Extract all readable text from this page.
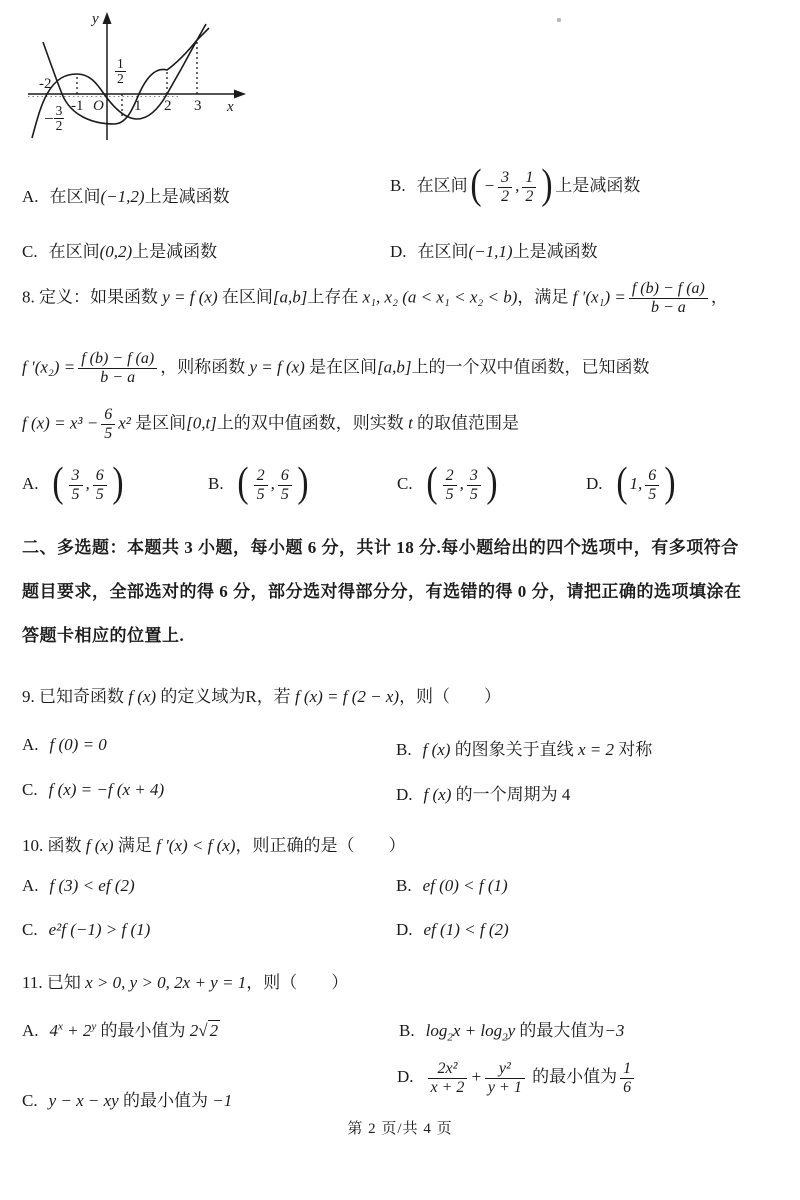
y
x
O
-2
-1	1 2 3
− $\frac{3}{2}$
$\frac{1}{2}$
A. 在区间(−1,2)上是减函数
B. 在区间( − $\frac{3}{2}$ , $\frac{1}{2}$ ) 上是减函数
C. 在区间(0,2)上是减函数	D. 在区间(−1,1)上是减函数
8. 定义：如果函数 y = f (x) 在区间[a,b]上存在 x₁, x₂ (a < x₁ < x₂ < b)，满足 f $'(x_1) = \frac{f (b) - f (a)}{b - a}$ ，
f $'(x_2) = \frac{f (b) - f (a)}{b - a}$ ，则称函数 y = f (x) 是在区间[a,b]上的一个双中值函数，已知函数
f $(x) = x^3 - \frac{6}{5} x^2$ 是区间[0,t]上的双中值函数，则实数 t 的取值范围是
A. ( $\frac{3}{5}$ , $\frac{6}{5}$ )	B. ( $\frac{2}{5}$ , $\frac{6}{5}$ )	C. ( $\frac{2}{5}$ , $\frac{3}{5}$ )	D. ( 1, $\frac{6}{5}$ )
二、多选题：本题共 3 小题，每小题 6 分，共计 18 分.每小题给出的四个选项中，有多项符合
题目要求，全部选对的得 6 分，部分选对得部分分，有选错的得 0 分，请把正确的选项填涂在
答题卡相应的位置上.
9. 已知奇函数 f (x) 的定义域为R，若 f (x) = f (2 − x)，则（　　）
A. f (0) = 0	B. f (x) 的图象关于直线 x = 2 对称
C. f (x) = −f (x + 4)	D. f (x) 的一个周期为 4
10. 函数 f (x) 满足 f ′(x) < f (x)，则正确的是（　　）
A. f (3) < ef (2)	B. ef (0) < f (1)
C. e²f (−1) > f (1)	D. ef (1) < f (2)
11. 已知 x > 0, y > 0, 2x + y = 1，则（　　）
A. $4^x + 2^y$ 的最小值为 2√ 2	B. $\log_2x + \log_2y$ 的最大值为−3
C. y − x − xy 的最小值为 −1
D. $\frac{\text{2x²}}{x + 2} + \frac{\text{y²}}{y + 1}$ 的最小值为 $\frac{1}{6}$
第 2 页/共 4 页
